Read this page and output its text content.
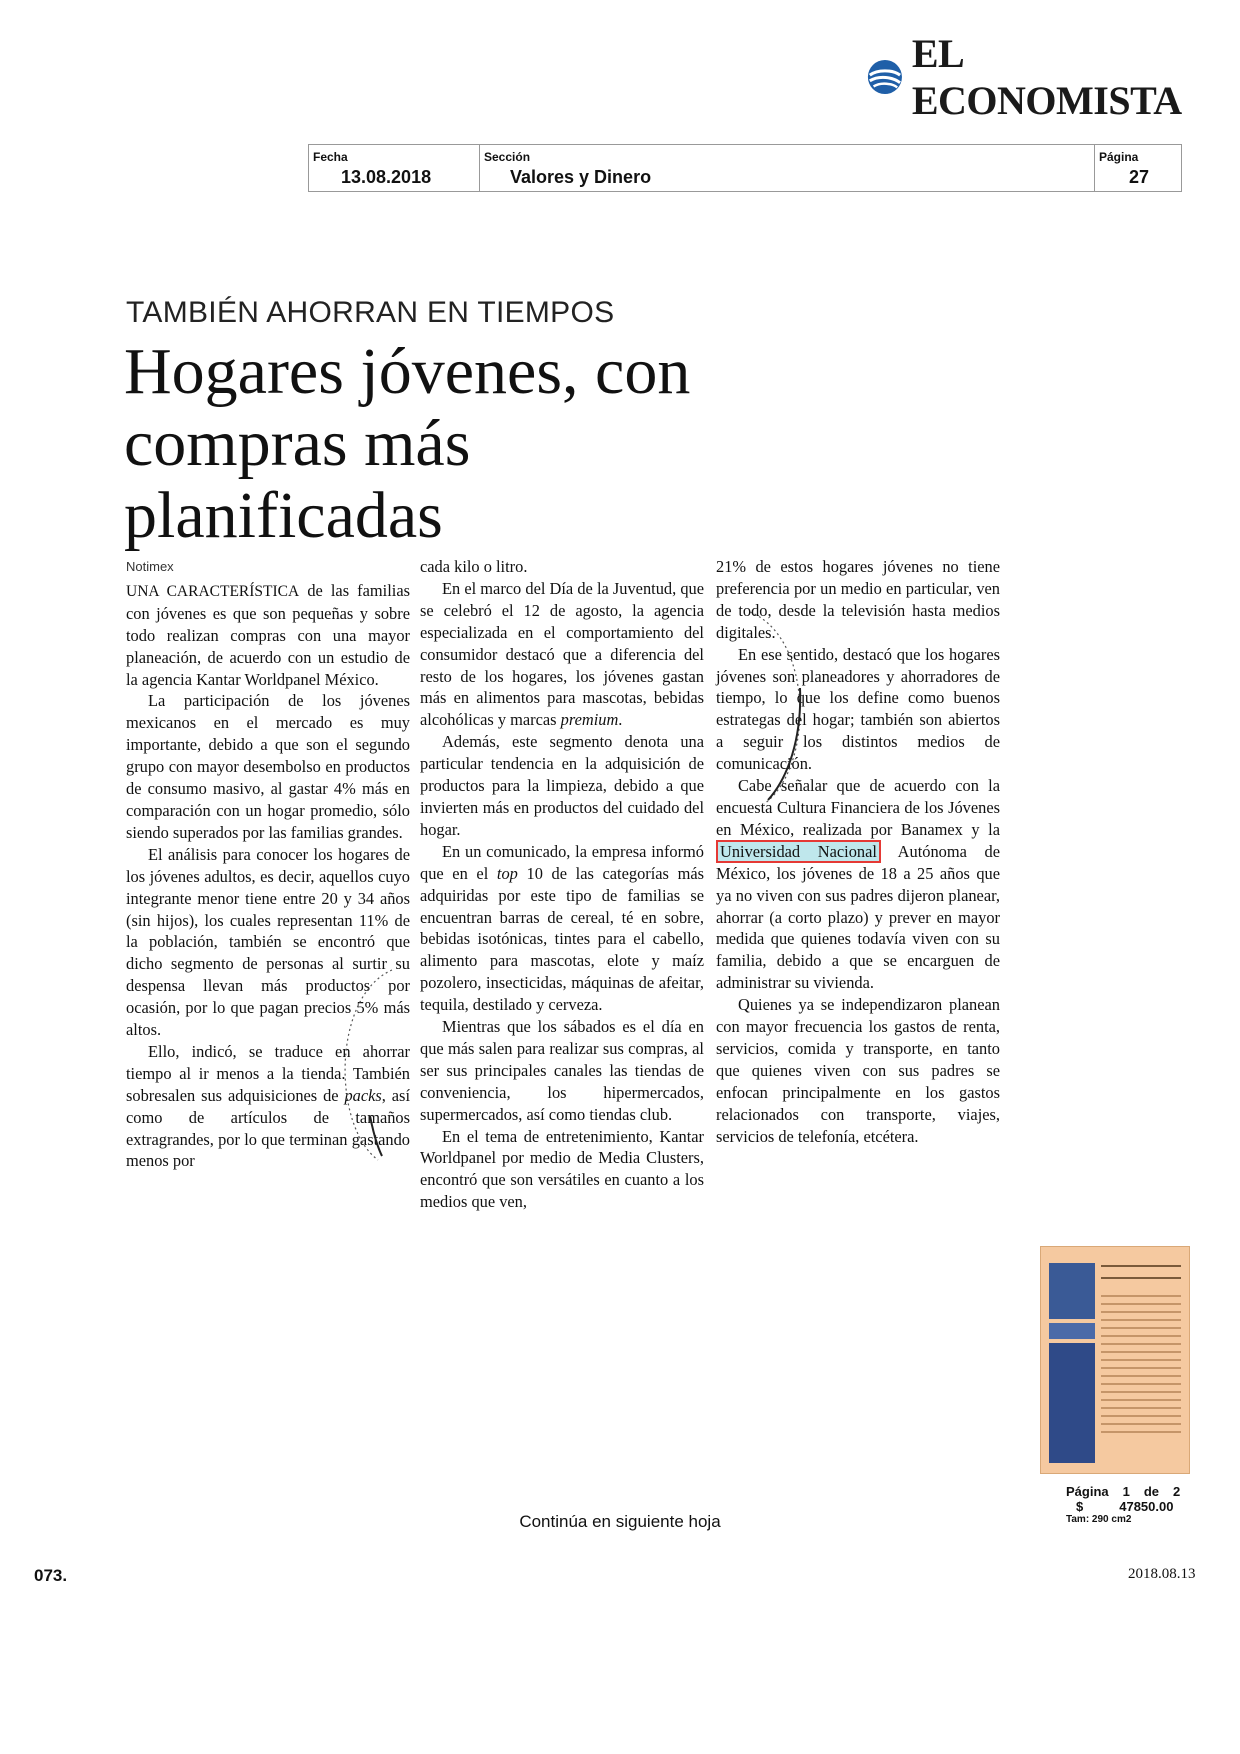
EL ECONOMISTA
Fecha
13.08.2018
Sección
Valores y Dinero
Página
27
TAMBIÉN AHORRAN EN TIEMPOS
Hogares jóvenes, con compras más planificadas
Notimex

UNA CARACTERÍSTICA de las familias con jóvenes es que son pequeñas y sobre todo realizan compras con una mayor planeación, de acuerdo con un estudio de la agencia Kantar Worldpanel México.

La participación de los jóvenes mexicanos en el mercado es muy importante, debido a que son el segundo grupo con mayor desembolso en productos de consumo masivo, al gastar 4% más en comparación con un hogar promedio, sólo siendo superados por las familias grandes.

El análisis para conocer los hogares de los jóvenes adultos, es decir, aquellos cuyo integrante menor tiene entre 20 y 34 años (sin hijos), los cuales representan 11% de la población, también se encontró que dicho segmento de personas al surtir su despensa llevan más productos por ocasión, por lo que pagan precios 5% más altos.

Ello, indicó, se traduce en ahorrar tiempo al ir menos a la tienda. También sobresalen sus adquisiciones de packs, así como de artículos de tamaños extragrandes, por lo que terminan gastando menos por

cada kilo o litro.

En el marco del Día de la Juventud, que se celebró el 12 de agosto, la agencia especializada en el comportamiento del consumidor destacó que a diferencia del resto de los hogares, los jóvenes gastan más en alimentos para mascotas, bebidas alcohólicas y marcas premium.

Además, este segmento denota una particular tendencia en la adquisición de productos para la limpieza, debido a que invierten más en productos del cuidado del hogar.

En un comunicado, la empresa informó que en el top 10 de las categorías más adquiridas por este tipo de familias se encuentran barras de cereal, té en sobre, bebidas isotónicas, tintes para el cabello, alimento para mascotas, elote y maíz pozolero, insecticidas, máquinas de afeitar, tequila, destilado y cerveza.

Mientras que los sábados es el día en que más salen para realizar sus compras, al ser sus principales canales las tiendas de conveniencia, los hipermercados, supermercados, así como tiendas club.

En el tema de entretenimiento, Kantar Worldpanel por medio de Media Clusters, encontró que son versátiles en cuanto a los medios que ven,

21% de estos hogares jóvenes no tiene preferencia por un medio en particular, ven de todo, desde la televisión hasta medios digitales.

En ese sentido, destacó que los hogares jóvenes son planeadores y ahorradores de tiempo, lo que los define como buenos estrategas del hogar; también son abiertos a seguir los distintos medios de comunicación.

Cabe señalar que de acuerdo con la encuesta Cultura Financiera de los Jóvenes en México, realizada por Banamex y la Universidad Nacional Autónoma de México, los jóvenes de 18 a 25 años que ya no viven con sus padres dijeron planear, ahorrar (a corto plazo) y prever en mayor medida que quienes todavía viven con su familia, debido a que se encarguen de administrar su vivienda.

Quienes ya se independizaron planean con mayor frecuencia los gastos de renta, servicios, comida y transporte, en tanto que quienes viven con sus padres se enfocan principalmente en los gastos relacionados con transporte, viajes, servicios de telefonía, etcétera.

Página 1 de 2
$	47850.00
Tam: 290 cm2
Continúa en siguiente hoja
073.	2018.08.13
